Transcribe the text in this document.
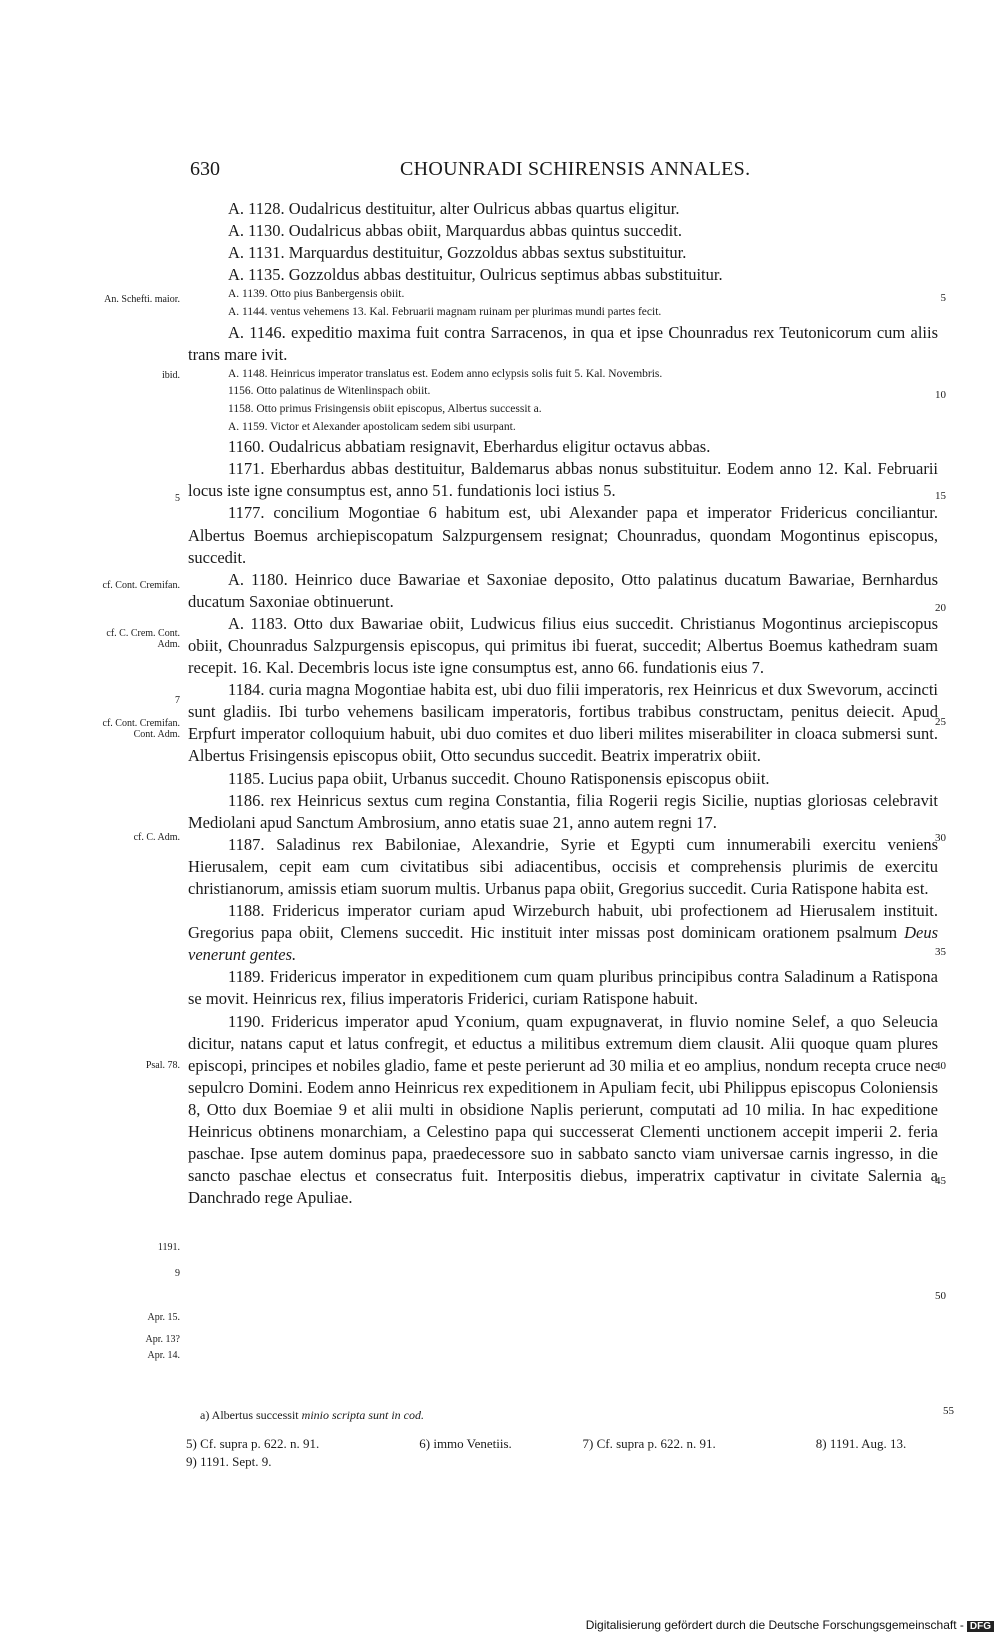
630	CHOUNRADI SCHIRENSIS ANNALES.

A. 1128. Oudalricus destituitur, alter Oulricus abbas quartus eligitur.

A. 1130. Oudalricus abbas obiit, Marquardus abbas quintus succedit.

A. 1131. Marquardus destituitur, Gozzoldus abbas sextus substituitur.

A. 1135. Gozzoldus abbas destituitur, Oulricus septimus abbas substituitur.

A. 1139. Otto pius Banbergensis obiit.

A. 1144. ventus vehemens 13. Kal. Februarii magnam ruinam per plurimas mundi partes fecit.

A. 1146. expeditio maxima fuit contra Sarracenos, in qua et ipse Chounradus rex Teutonicorum cum aliis trans mare ivit.

A. 1148. Heinricus imperator translatus est. Eodem anno eclypsis solis fuit 5. Kal. Novembris.

1156. Otto palatinus de Witenlinspach obiit.

1158. Otto primus Frisingensis obiit episcopus, Albertus successit a.

A. 1159. Victor et Alexander apostolicam sedem sibi usurpant.

1160. Oudalricus abbatiam resignavit, Eberhardus eligitur octavus abbas.

1171. Eberhardus abbas destituitur, Baldemarus abbas nonus substituitur. Eodem anno 12. Kal. Februarii locus iste igne consumptus est, anno 51. fundationis loci istius 5.

1177. concilium Mogontiae 6 habitum est, ubi Alexander papa et imperator Fridericus conciliantur. Albertus Boemus archiepiscopatum Salzpurgensem resignat; Chounradus, quondam Mogontinus episcopus, succedit.

A. 1180. Heinrico duce Bawariae et Saxoniae deposito, Otto palatinus ducatum Bawariae, Bernhardus ducatum Saxoniae obtinuerunt.

A. 1183. Otto dux Bawariae obiit, Ludwicus filius eius succedit. Christianus Mogontinus arciepiscopus obiit, Chounradus Salzpurgensis episcopus, qui primitus ibi fuerat, succedit; Albertus Boemus kathedram suam recepit. 16. Kal. Decembris locus iste igne consumptus est, anno 66. fundationis eius 7.

1184. curia magna Mogontiae habita est, ubi duo filii imperatoris, rex Heinricus et dux Swevorum, accincti sunt gladiis. Ibi turbo vehemens basilicam imperatoris, fortibus trabibus constructam, penitus deiecit. Apud Erpfurt imperator colloquium habuit, ubi duo comites et duo liberi milites miserabiliter in cloaca submersi sunt. Albertus Frisingensis episcopus obiit, Otto secundus succedit. Beatrix imperatrix obiit.

1185. Lucius papa obiit, Urbanus succedit. Chouno Ratisponensis episcopus obiit.

1186. rex Heinricus sextus cum regina Constantia, filia Rogerii regis Sicilie, nuptias gloriosas celebravit Mediolani apud Sanctum Ambrosium, anno etatis suae 21, anno autem regni 17.

1187. Saladinus rex Babiloniae, Alexandrie, Syrie et Egypti cum innumerabili exercitu veniens Hierusalem, cepit eam cum civitatibus sibi adiacentibus, occisis et comprehensis plurimis de exercitu christianorum, amissis etiam suorum multis. Urbanus papa obiit, Gregorius succedit. Curia Ratispone habita est.

1188. Fridericus imperator curiam apud Wirzeburch habuit, ubi profectionem ad Hierusalem instituit. Gregorius papa obiit, Clemens succedit. Hic instituit inter missas post dominicam orationem psalmum Deus venerunt gentes.

1189. Fridericus imperator in expeditionem cum quam pluribus principibus contra Saladinum a Ratispona se movit. Heinricus rex, filius imperatoris Friderici, curiam Ratispone habuit.

1190. Fridericus imperator apud Yconium, quam expugnaverat, in fluvio nomine Selef, a quo Seleucia dicitur, natans caput et latus confregit, et eductus a militibus extremum diem clausit. Alii quoque quam plures episcopi, principes et nobiles gladio, fame et peste perierunt ad 30 milia et eo amplius, nondum recepta cruce nec sepulcro Domini. Eodem anno Heinricus rex expeditionem in Apuliam fecit, ubi Philippus episcopus Coloniensis 8, Otto dux Boemiae 9 et alii multi in obsidione Naplis perierunt, computati ad 10 milia. In hac expeditione Heinricus obtinens monarchiam, a Celestino papa qui successerat Clementi unctionem accepit imperii 2. feria paschae. Ipse autem dominus papa, praedecessore suo in sabbato sancto viam universae carnis ingresso, in die sancto paschae electus et consecratus fuit. Interpositis diebus, imperatrix captivatur in civitate Salernia a Danchrado rege Apuliae.

An. Schefti. maior.
ibid.
cf. Cont. Cremifan.
cf. C. Crem. Cont. Adm.
cf. Cont. Cremifan. Cont. Adm.
cf. C. Adm.
Psal. 78.
1191.
Apr. 15.
Apr. 13?
Apr. 14.
5
7
9
5
10
15
20
25
30
35
40
45
50
55
a) Albertus successit minio scripta sunt in cod.
5) Cf. supra p. 622. n. 91.	6) immo Venetiis.	7) Cf. supra p. 622. n. 91.	8) 1191. Aug. 13.
9) 1191. Sept. 9.
Digitalisierung gefördert durch die Deutsche Forschungsgemeinschaft - DFG
